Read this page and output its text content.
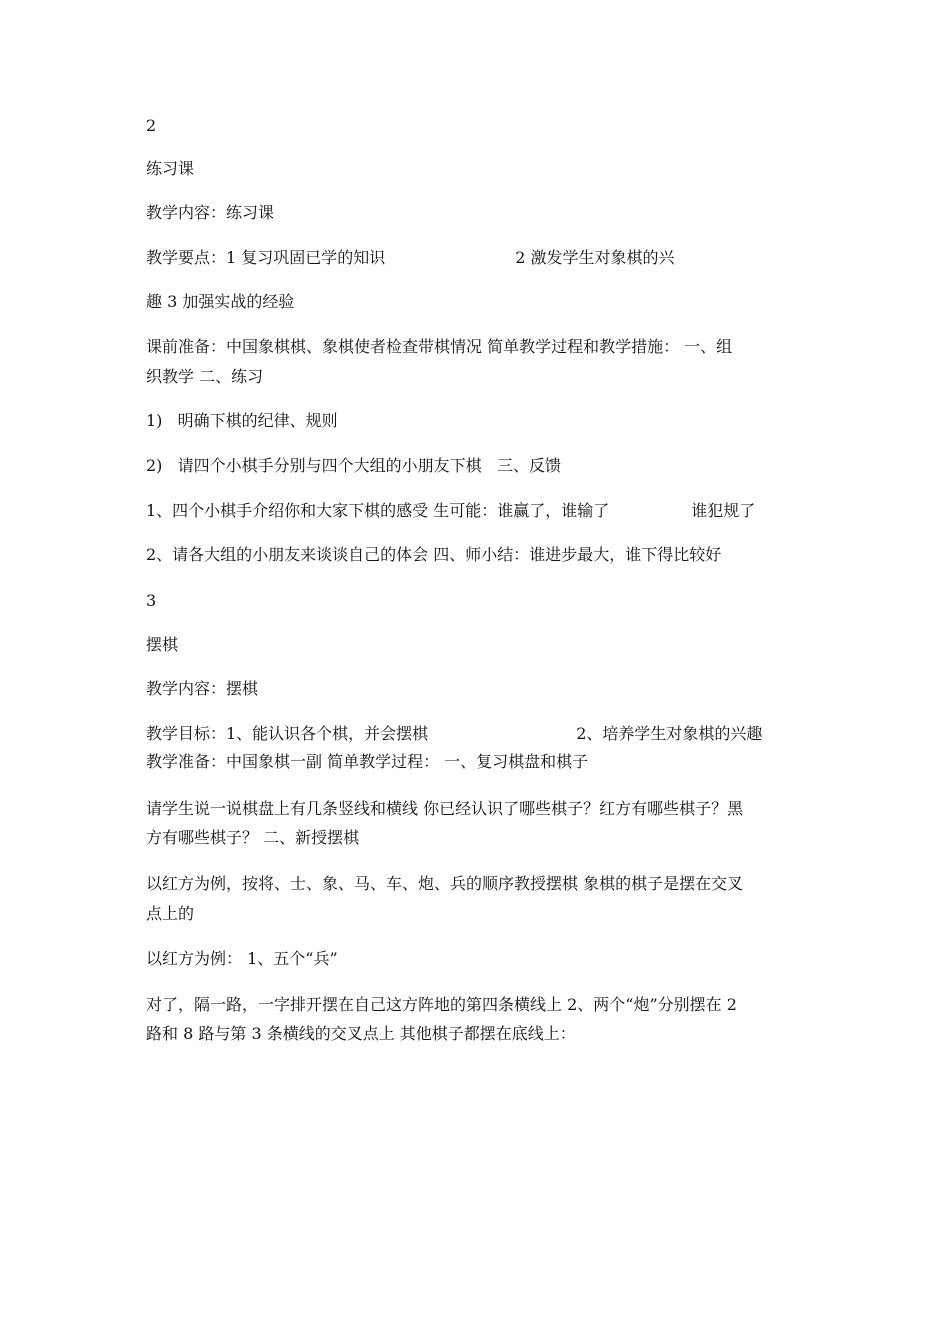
2

练习课

教学内容：练习课

教学要点：1 复习巩固已学的知识	2 激发学生对象棋的兴

趣 3 加强实战的经验

课前准备：中国象棋棋、象棋使者检查带棋情况 简单教学过程和教学措施： 一、组

织教学 二、练习

1)   明确下棋的纪律、规则

2)   请四个小棋手分别与四个大组的小朋友下棋   三、反馈

1、四个小棋手介绍你和大家下棋的感受 生可能：谁赢了，谁输了	谁犯规了

2、请各大组的小朋友来谈谈自己的体会 四、师小结：谁进步最大，谁下得比较好

3

摆棋

教学内容：摆棋

教学目标：1、能认识各个棋，并会摆棋	2、培养学生对象棋的兴趣

教学准备：中国象棋一副 简单教学过程： 一、复习棋盘和棋子

请学生说一说棋盘上有几条竖线和横线 你已经认识了哪些棋子？红方有哪些棋子？黑

方有哪些棋子？ 二、新授摆棋

以红方为例，按将、士、象、马、车、炮、兵的顺序教授摆棋 象棋的棋子是摆在交叉

点上的

以红方为例： 1、五个“兵”

对了，隔一路，一字排开摆在自己这方阵地的第四条横线上 2、两个“炮”分别摆在 2

路和 8 路与第 3 条横线的交叉点上 其他棋子都摆在底线上：
